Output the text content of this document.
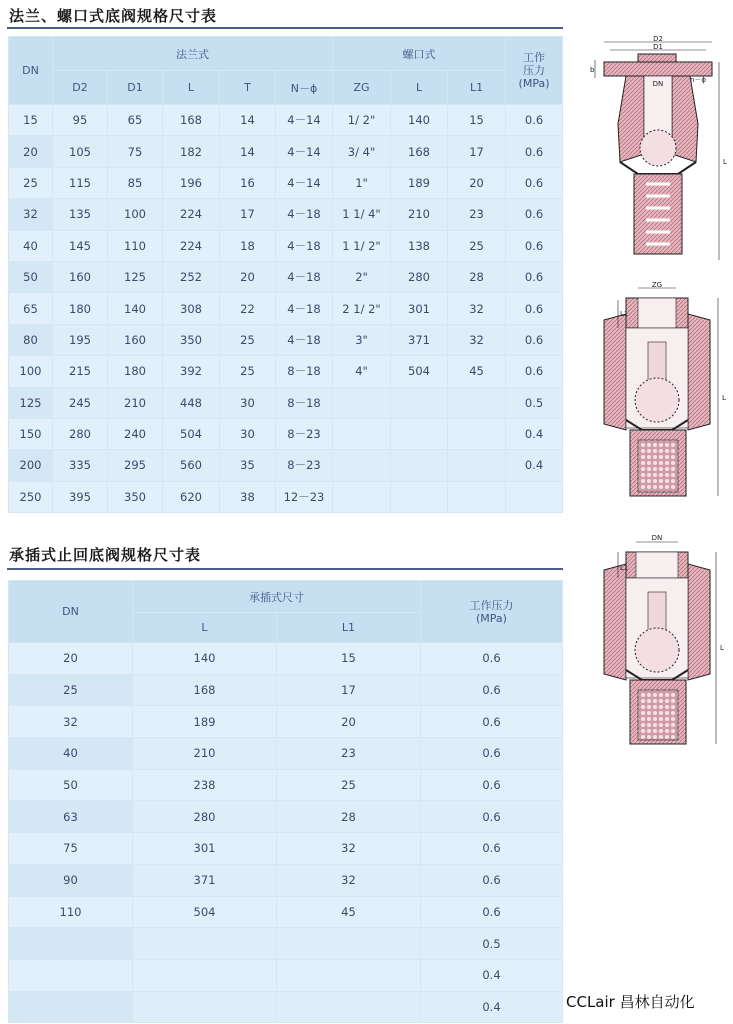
法兰、螺口式底阀规格尺寸表
DN	法兰式					螺口式			工作
压力
(MPa)

	D2	D1	L	T	N－ϕ	ZG	L	L1	
15	95	65	168	14	4－14	1/ 2"	140	15	0.6
20	105	75	182	14	4－14	3/ 4"	168	17	0.6
25	115	85	196	16	4－14	1"	189	20	0.6
32	135	100	224	17	4－18	1 1/ 4"	210	23	0.6
40	145	110	224	18	4－18	1 1/ 2"	138	25	0.6
50	160	125	252	20	4－18	2"	280	28	0.6
65	180	140	308	22	4－18	2 1/ 2"	301	32	0.6
80	195	160	350	25	4－18	3"	371	32	0.6
100	215	180	392	25	8－18	4"	504	45	0.6
125	245	210	448	30	8－18				0.5
150	280	240	504	30	8－23				0.4
200	335	295	560	35	8－23				0.4
250	395	350	620	38	12－23				
承插式止回底阀规格尺寸表
DN	承插式尺寸		工作压力
(MPa)

	L	L1	
20	140	15	0.6
25	168	17	0.6
32	189	20	0.6
40	210	23	0.6
50	238	25	0.6
63	280	28	0.6
75	301	32	0.6
90	371	32	0.6
110	504	45	0.6
			0.5
			0.4
			0.4
D2
D1
DN
b
n－ϕ
L
ZG
L1
L
DN
L1
L
CCLair 昌林自动化
